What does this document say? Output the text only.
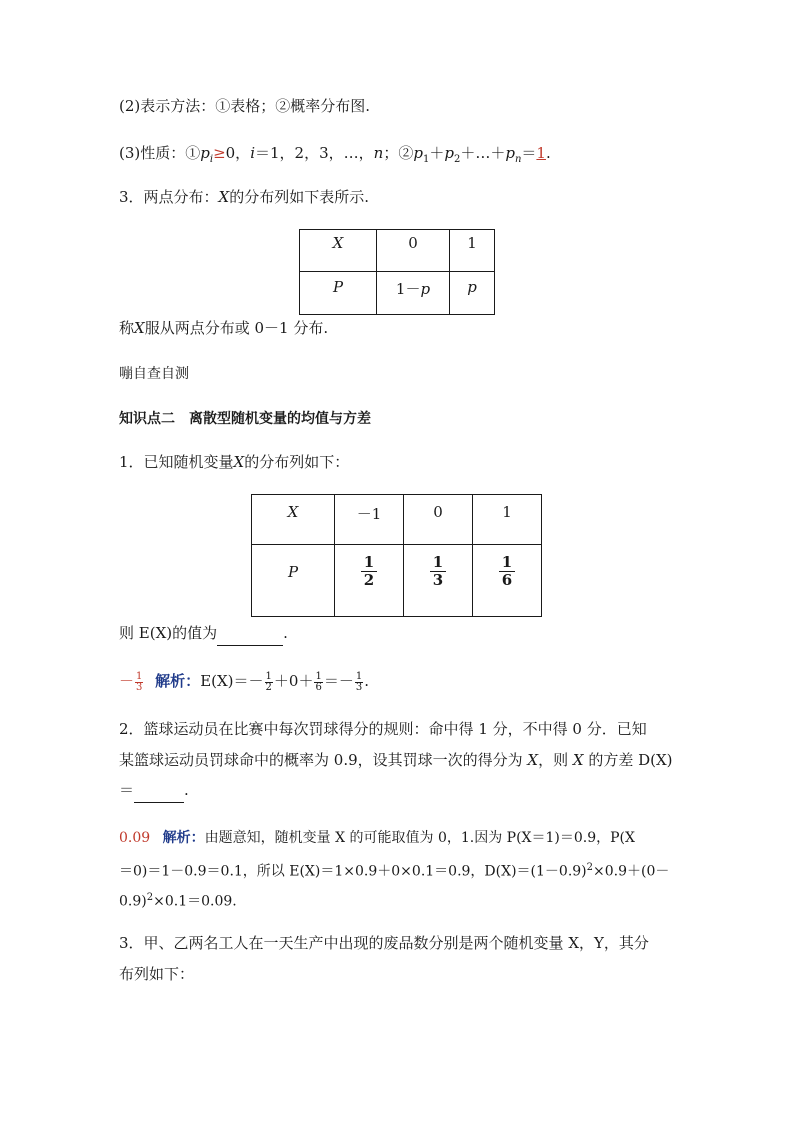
(2)表示方法：①表格；②概率分布图.
(3)性质：$①p_i\ge 0$，i＝1，2，3，…，n；$②p_1+p_2+\dots+p_n=1$.
3．两点分布：X的分布列如下表所示.
X	0	1
P	1－p	p
称X服从两点分布或 0－1 分布.
嘣自查自测
知识点二　离散型随机变量的均值与方差
1．已知随机变量X的分布列如下：
X	－1	0	1
P	$\frac{1}{2}$	$\frac{1}{3}$	$\frac{1}{6}$
则 E(X)的值为	.
－ $\frac{1}{3}$ 解析：$E(X)=- \frac{1}{2} +0+ \frac{1}{6} =- \frac{1}{3}$ .
2．篮球运动员在比赛中每次罚球得分的规则：命中得 1 分，不中得 0 分．已知
某篮球运动员罚球命中的概率为 0.9，设其罚球一次的得分为 X，则 X 的方差 D(X)
＝	.
0.09 解析：由题意知，随机变量 X 的可能取值为 0，1.因为 P(X＝1)＝0.9，P(X
＝0)＝1－0.9＝0.1，所以 E(X)＝1×0.9＋0×0.1＝0.9，$D(X)=(1-0.9)^2\times 0.9+(0-$
0.9)$^2$×0.1＝0.09.
3．甲、乙两名工人在一天生产中出现的废品数分别是两个随机变量 X，Y，其分
布列如下：
